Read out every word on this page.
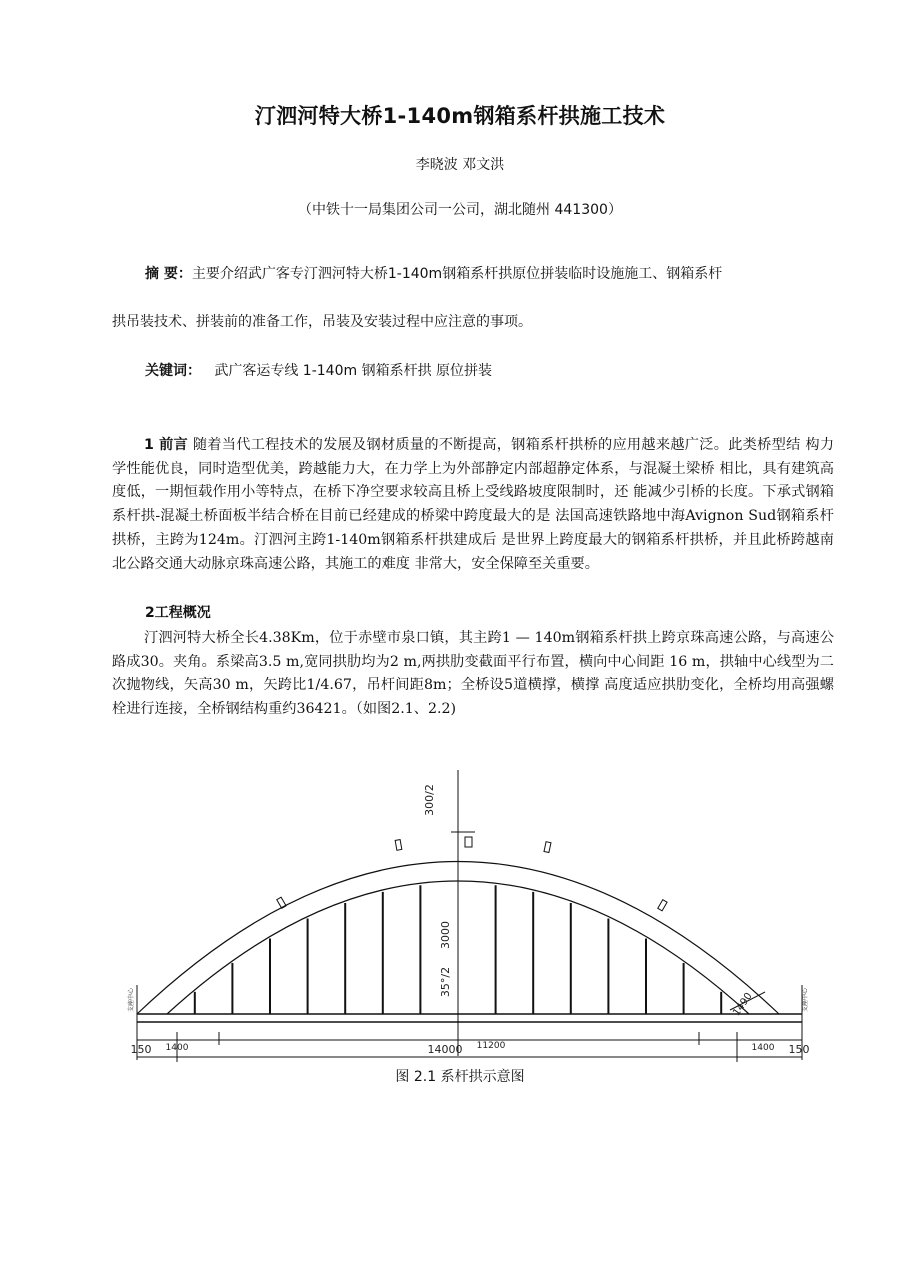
汀泗河特大桥1-140m钢箱系杆拱施工技术

李晓波 邓文洪

（中铁十一局集团公司一公司，湖北随州 441300）

摘 要：主要介绍武广客专汀泗河特大桥1-140m钢箱系杆拱原位拼装临时设施施工、钢箱系杆

拱吊装技术、拼装前的准备工作，吊装及安装过程中应注意的事项。

关键词： 武广客运专线 1-140m 钢箱系杆拱 原位拼装

1 前言 随着当代工程技术的发展及钢材质量的不断提高，钢箱系杆拱桥的应用越来越广泛。此类桥型结 构力学性能优良，同时造型优美，跨越能力大，在力学上为外部静定内部超静定体系，与混凝土梁桥 相比，具有建筑高度低，一期恒载作用小等特点，在桥下净空要求较高且桥上受线路坡度限制时，还 能减少引桥的长度。下承式钢箱系杆拱-混凝土桥面板半结合桥在目前已经建成的桥梁中跨度最大的是 法国高速铁路地中海Avignon Sud钢箱系杆拱桥，主跨为124m。汀泗河主跨1-140m钢箱系杆拱建成后 是世界上跨度最大的钢箱系杆拱桥，并且此桥跨越南北公路交通大动脉京珠高速公路，其施工的难度 非常大，安全保障至关重要。

2工程概况

汀泗河特大桥全长4.38Km，位于赤壁市泉口镇，其主跨1 — 140m钢箱系杆拱上跨京珠高速公路，与高速公路成30。夹角。系梁高3.5 m,宽同拱肋均为2 m,两拱肋变截面平行布置，横向中心间距 16 m，拱轴中心线型为二次抛物线，矢高30 m，矢跨比1/4.67，吊杆间距8m；全桥设5道横撑，横撑 高度适应拱肋变化，全桥均用高强螺栓进行连接，全桥钢结构重约36421。（如图2.1、2.2)

300/2
3000
35°/2
150 1400	14000 11200	1400 150
1490
支座中心	支座中心

图 2.1 系杆拱示意图
